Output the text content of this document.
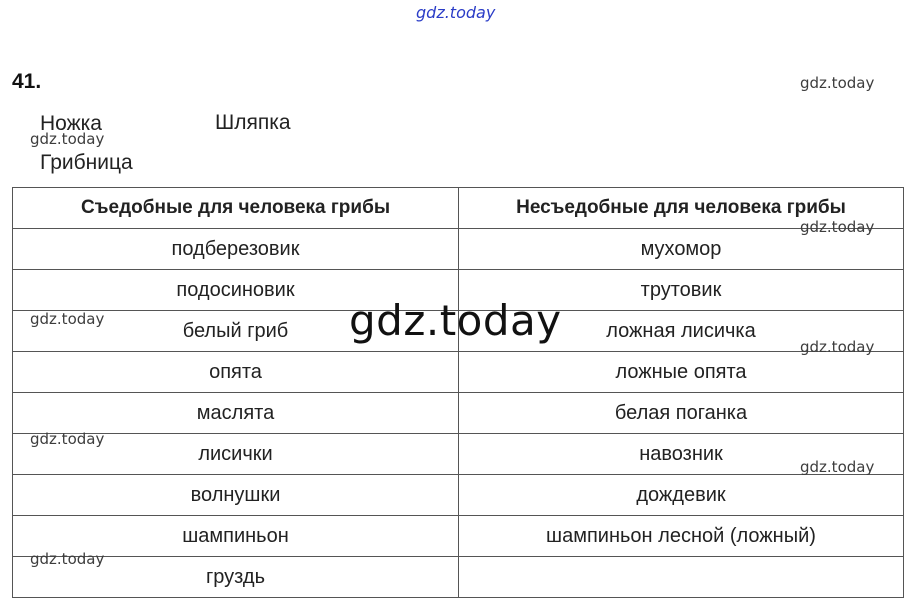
gdz.today
41.	gdz.today
Ножка	Шляпка
gdz.today
Грибница
Съедобные для человека грибы	Несъедобные для человека грибы
подберезовик	мухомор
подосиновик	трутовик
белый гриб	ложная лисичка
опята	ложные опята
маслята	белая поганка
лисички	навозник
волнушки	дождевик
шампиньон	шампиньон лесной (ложный)
груздь	
gdz.today
gdz.today	gdz.today
gdz.today
gdz.today
gdz.today
gdz.today
